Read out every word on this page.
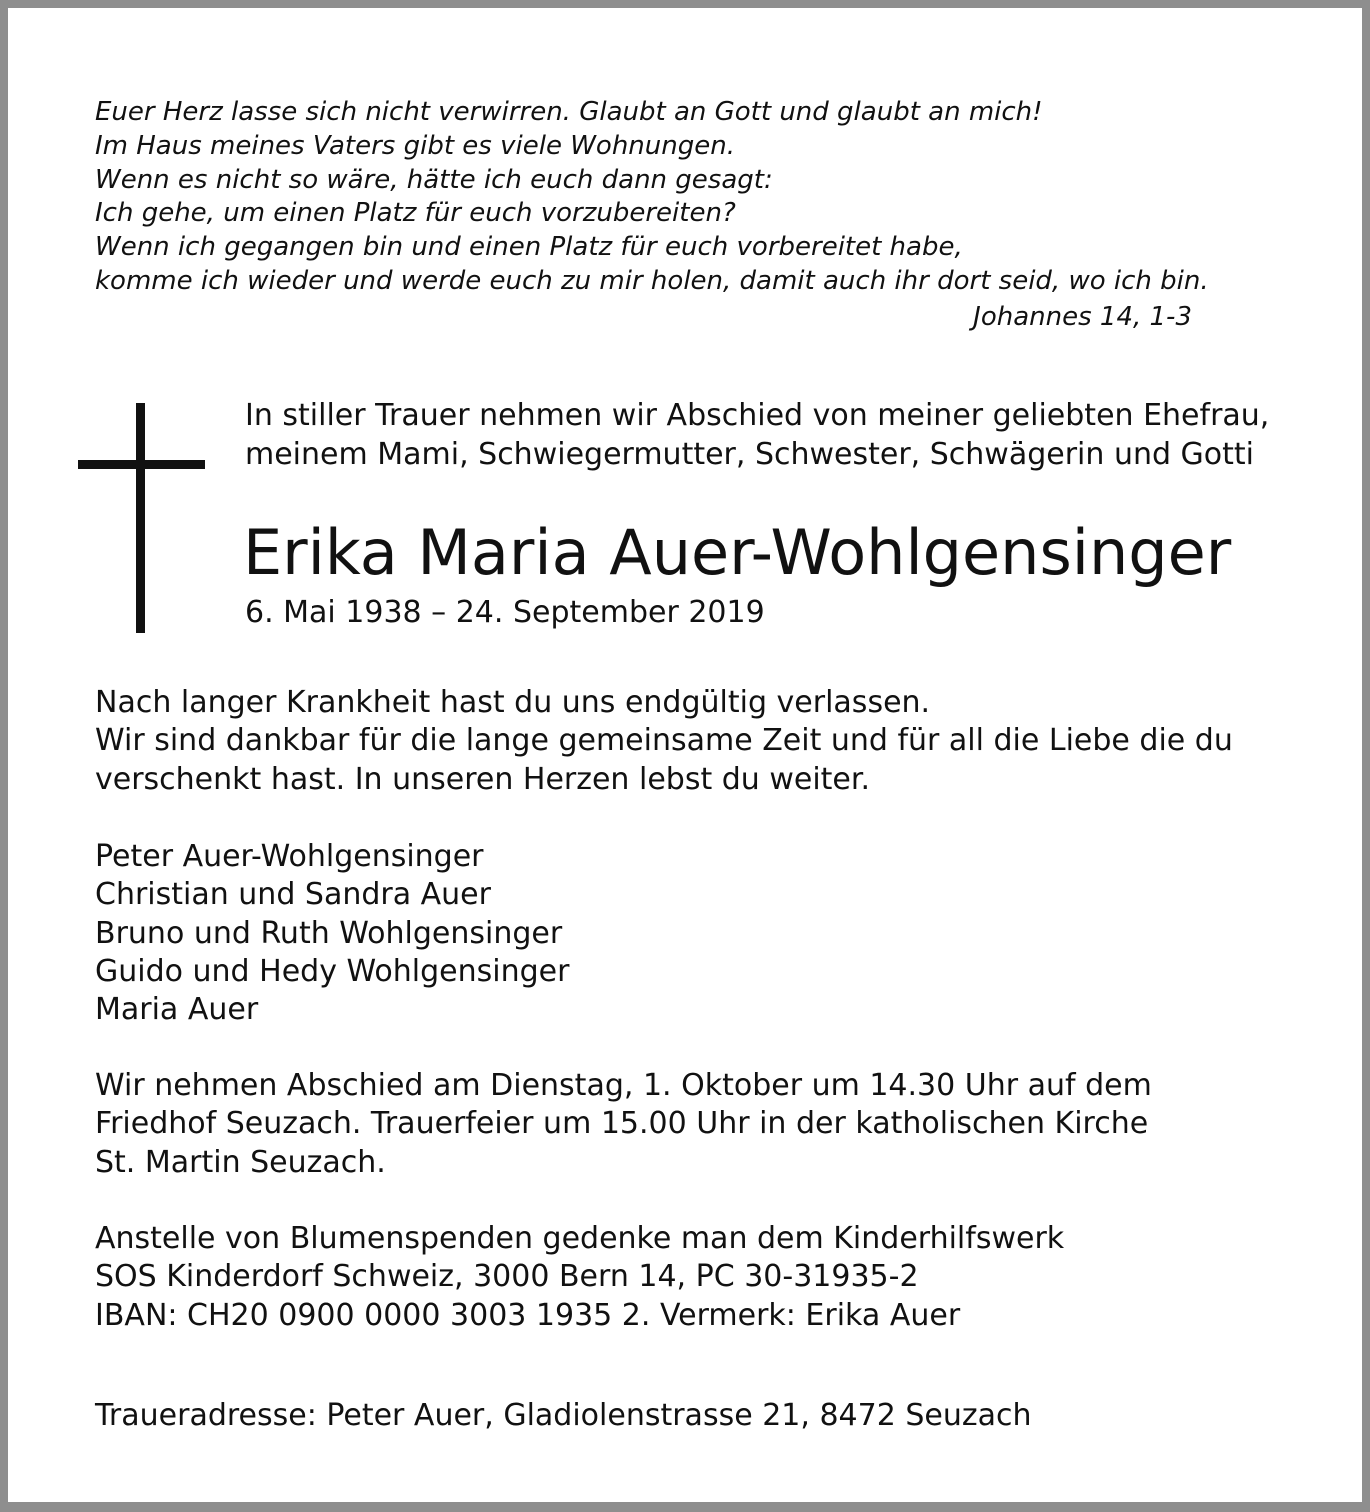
Euer Herz lasse sich nicht verwirren. Glaubt an Gott und glaubt an mich!
Im Haus meines Vaters gibt es viele Wohnungen.
Wenn es nicht so wäre, hätte ich euch dann gesagt:
Ich gehe, um einen Platz für euch vorzubereiten?
Wenn ich gegangen bin und einen Platz für euch vorbereitet habe,
komme ich wieder und werde euch zu mir holen, damit auch ihr dort seid, wo ich bin.
Johannes 14, 1-3
In stiller Trauer nehmen wir Abschied von meiner geliebten Ehefrau,
meinem Mami, Schwiegermutter, Schwester, Schwägerin und Gotti
Erika Maria Auer-Wohlgensinger
6. Mai 1938 – 24. September 2019
Nach langer Krankheit hast du uns endgültig verlassen.
Wir sind dankbar für die lange gemeinsame Zeit und für all die Liebe die du
verschenkt hast. In unseren Herzen lebst du weiter.
Peter Auer-Wohlgensinger
Christian und Sandra Auer
Bruno und Ruth Wohlgensinger
Guido und Hedy Wohlgensinger
Maria Auer
Wir nehmen Abschied am Dienstag, 1. Oktober um 14.30 Uhr auf dem
Friedhof Seuzach. Trauerfeier um 15.00 Uhr in der katholischen Kirche
St. Martin Seuzach.
Anstelle von Blumenspenden gedenke man dem Kinderhilfswerk
SOS Kinderdorf Schweiz, 3000 Bern 14, PC 30-31935-2
IBAN: CH20 0900 0000 3003 1935 2. Vermerk: Erika Auer
Traueradresse: Peter Auer, Gladiolenstrasse 21, 8472 Seuzach
